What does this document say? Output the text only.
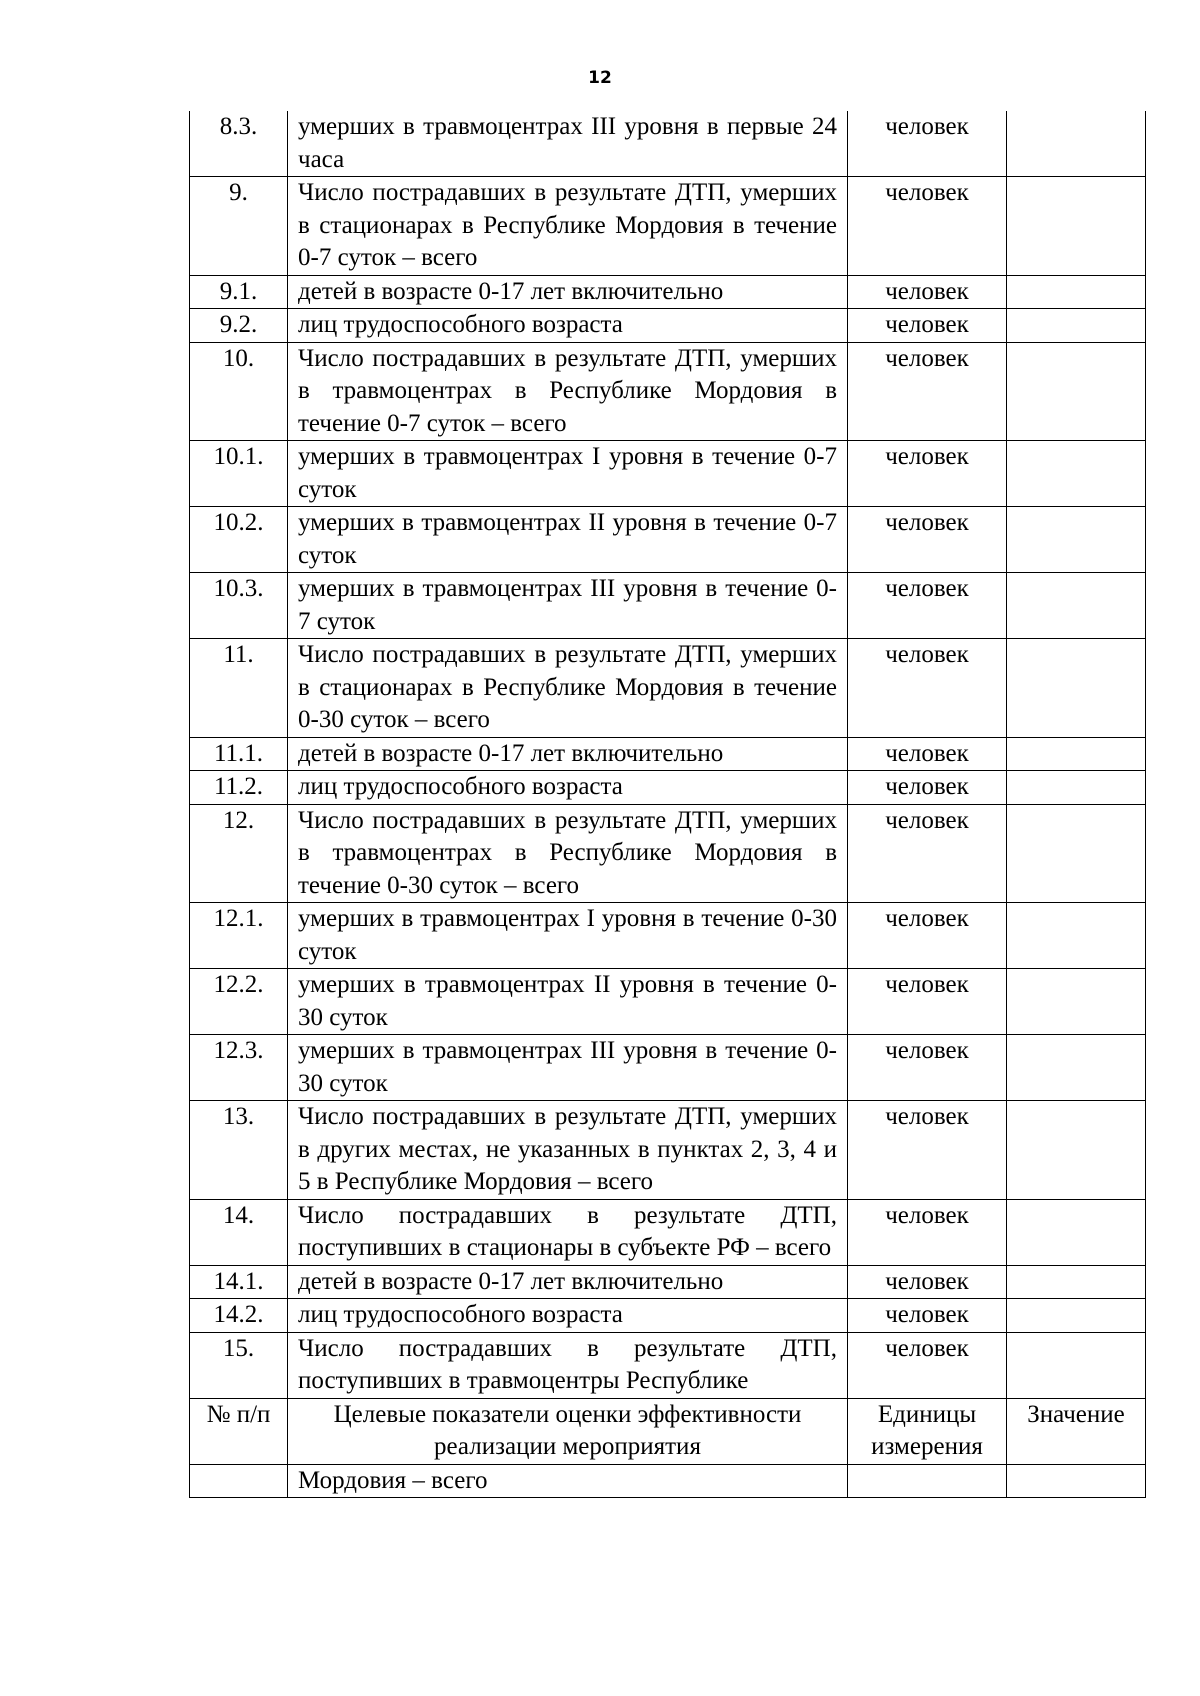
12
8.3.	умерших в травмоцентрах III уровня в первые 24 часа	человек	
9.	Число пострадавших в результате ДТП, умерших в стационарах в Республике Мордовия в течение 0-7 суток – всего	человек	
9.1.	детей в возрасте 0-17 лет включительно	человек	
9.2.	лиц трудоспособного возраста	человек	
10.	Число пострадавших в результате ДТП, умерших в травмоцентрах в Республике Мордовия в течение 0-7 суток – всего	человек	
10.1.	умерших в травмоцентрах I уровня в течение 0-7 суток	человек	
10.2.	умерших в травмоцентрах II уровня в течение 0-7 суток	человек	
10.3.	умерших в травмоцентрах III уровня в течение 0-7 суток	человек	
11.	Число пострадавших в результате ДТП, умерших в стационарах в Республике Мордовия в течение 0-30 суток – всего	человек	
11.1.	детей в возрасте 0-17 лет включительно	человек	
11.2.	лиц трудоспособного возраста	человек	
12.	Число пострадавших в результате ДТП, умерших в травмоцентрах в Республике Мордовия в течение 0-30 суток – всего	человек	
12.1.	умерших в травмоцентрах I уровня в течение 0-30 суток	человек	
12.2.	умерших в травмоцентрах II уровня в течение 0-30 суток	человек	
12.3.	умерших в травмоцентрах III уровня в течение 0-30 суток	человек	
13.	Число пострадавших в результате ДТП, умерших в других местах, не указанных в пунктах 2, 3, 4 и 5 в Республике Мордовия – всего	человек	
14.	Число пострадавших в результате ДТП, поступивших в стационары в субъекте РФ – всего	человек	
14.1.	детей в возрасте 0-17 лет включительно	человек	
14.2.	лиц трудоспособного возраста	человек	
15.	Число пострадавших в результате ДТП, поступивших в травмоцентры Республике	человек	
№ п/п	Целевые показатели оценки эффективности реализации мероприятия	Единицы измерения	Значение
	Мордовия – всего		
